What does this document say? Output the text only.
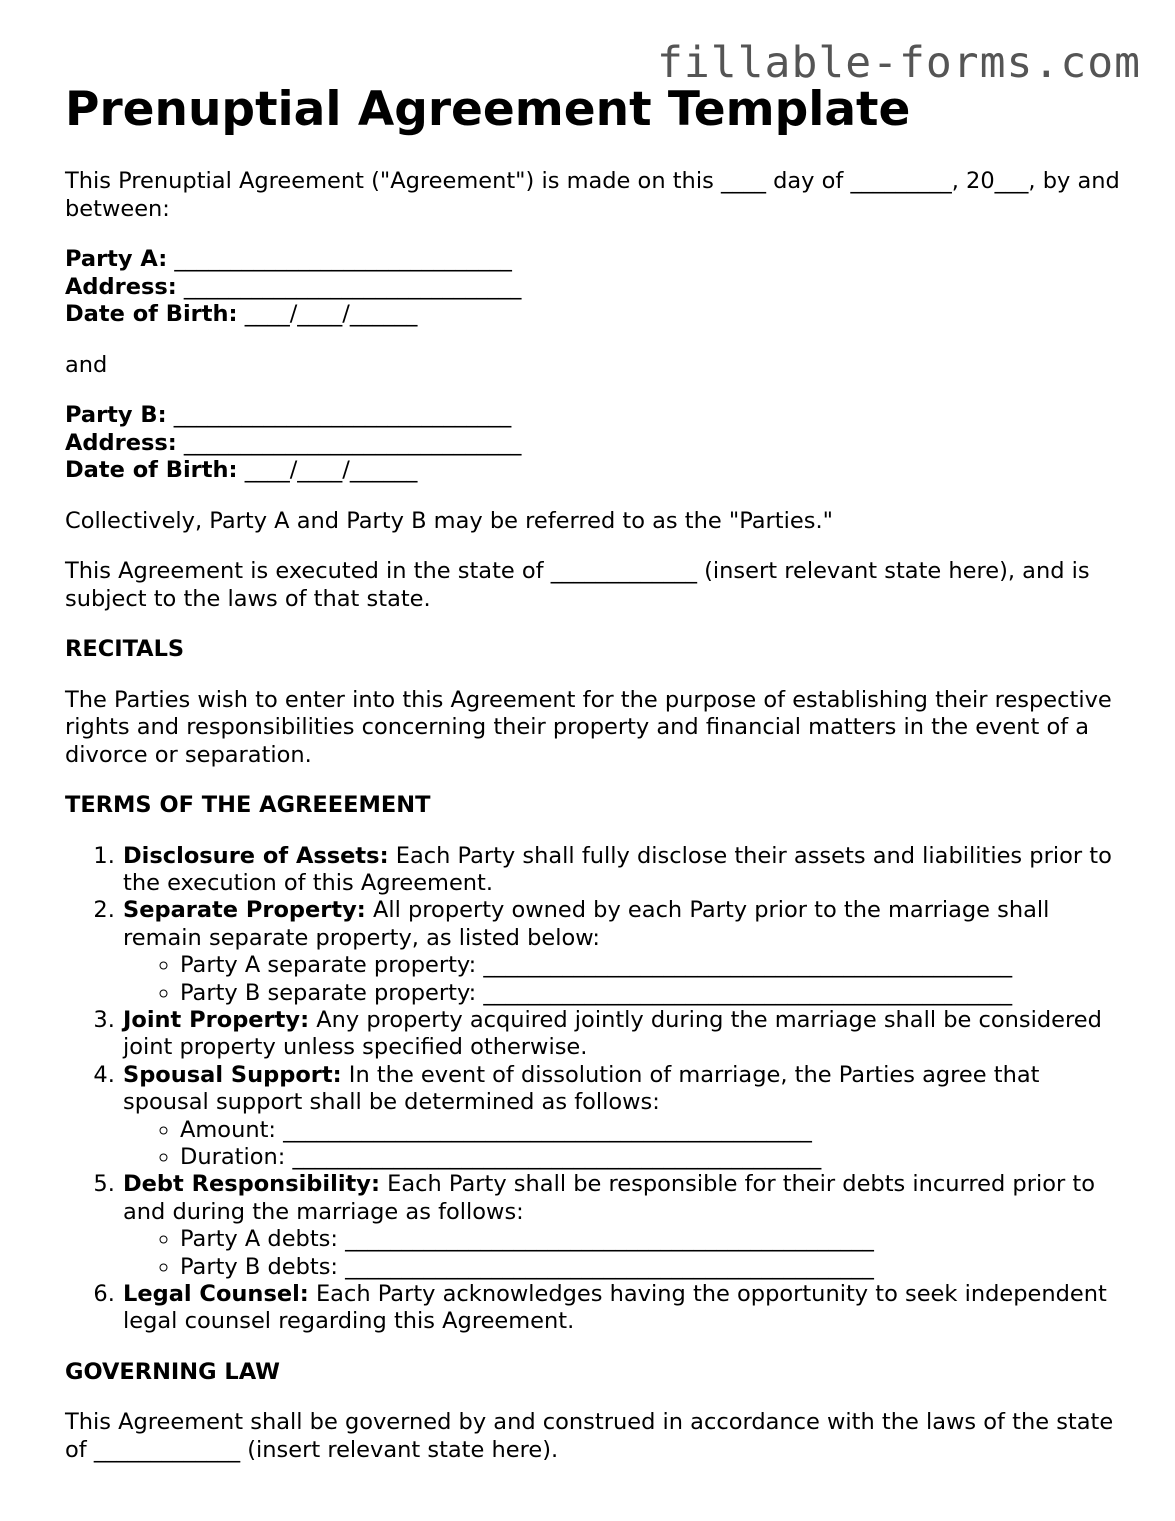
fillable-forms.com
Prenuptial Agreement Template

This Prenuptial Agreement ("Agreement") is made on this ____ day of _________, 20___, by and between:

Party A: ______________________________
Address: ______________________________
Date of Birth: ____/____/______

and

Party B: ______________________________
Address: ______________________________
Date of Birth: ____/____/______

Collectively, Party A and Party B may be referred to as the "Parties."

This Agreement is executed in the state of _____________ (insert relevant state here), and is subject to the laws of that state.

RECITALS

The Parties wish to enter into this Agreement for the purpose of establishing their respective rights and responsibilities concerning their property and financial matters in the event of a divorce or separation.

TERMS OF THE AGREEEMENT
1. Disclosure of Assets: Each Party shall fully disclose their assets and liabilities prior to the execution of this Agreement.
2. Separate Property: All property owned by each Party prior to the marriage shall remain separate property, as listed below:
◦ Party A separate property: _______________________________________________
◦ Party B separate property: _______________________________________________
3. Joint Property: Any property acquired jointly during the marriage shall be considered joint property unless specified otherwise.
4. Spousal Support: In the event of dissolution of marriage, the Parties agree that spousal support shall be determined as follows:
◦ Amount: _______________________________________________
◦ Duration: _______________________________________________
5. Debt Responsibility: Each Party shall be responsible for their debts incurred prior to and during the marriage as follows:
◦ Party A debts: _______________________________________________
◦ Party B debts: _______________________________________________
6. Legal Counsel: Each Party acknowledges having the opportunity to seek independent legal counsel regarding this Agreement.
GOVERNING LAW

This Agreement shall be governed by and construed in accordance with the laws of the state of _____________ (insert relevant state here).
